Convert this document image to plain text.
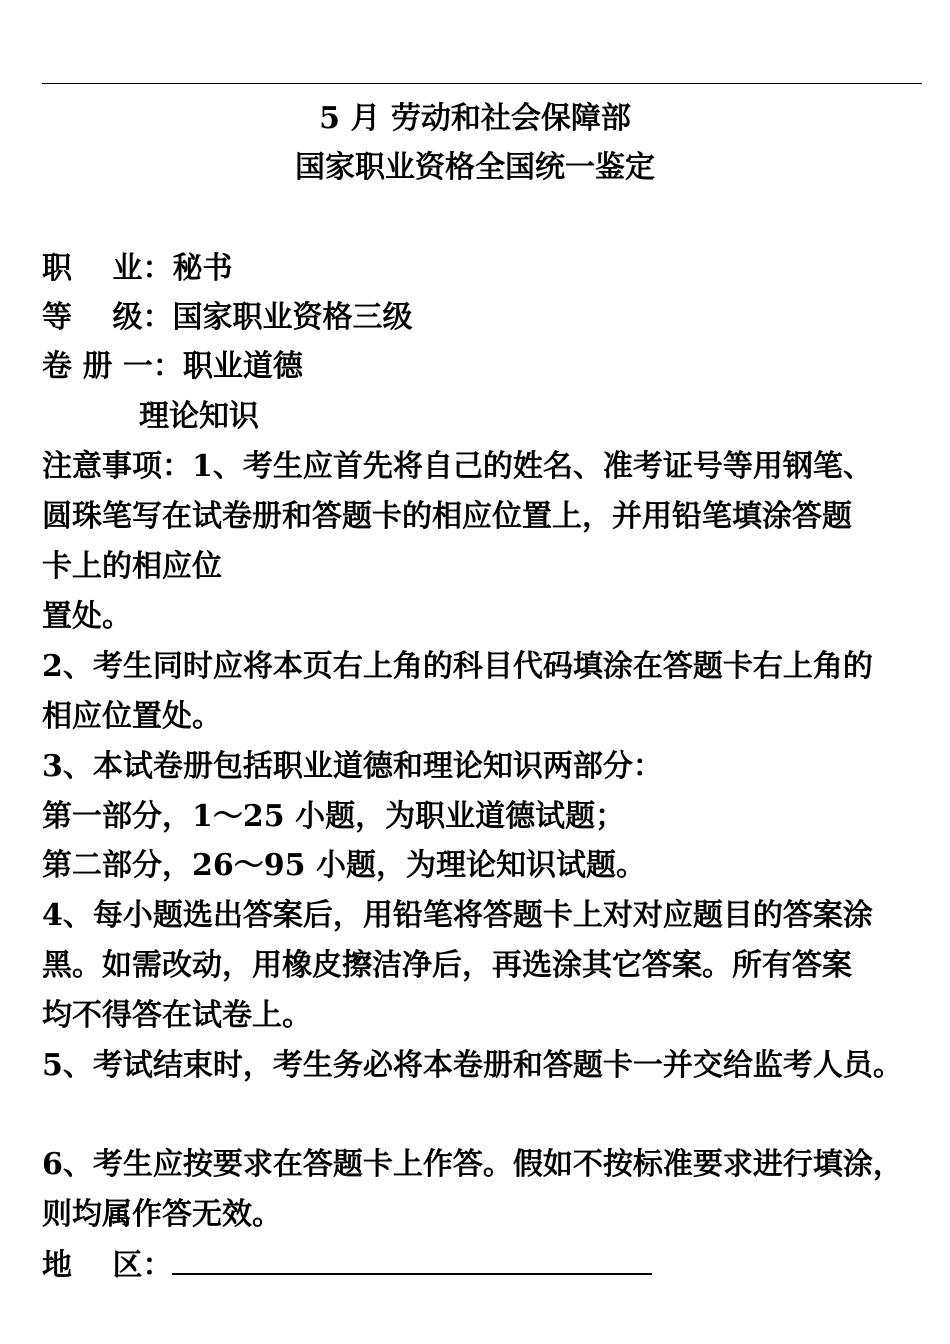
5 月 劳动和社会保障部
国家职业资格全国统一鉴定
职　 业：秘书
等　 级：国家职业资格三级
卷 册 一：职业道德
理论知识
注意事项：1、考生应首先将自己的姓名、准考证号等用钢笔、
圆珠笔写在试卷册和答题卡的相应位置上，并用铅笔填涂答题
卡上的相应位
置处。
2、考生同时应将本页右上角的科目代码填涂在答题卡右上角的
相应位置处。
3、本试卷册包括职业道德和理论知识两部分：
第一部分，1～25 小题，为职业道德试题；
第二部分，26～95 小题，为理论知识试题。
4、每小题选出答案后，用铅笔将答题卡上对对应题目的答案涂
黑。如需改动，用橡皮擦洁净后，再选涂其它答案。所有答案
均不得答在试卷上。
5、考试结束时，考生务必将本卷册和答题卡一并交给监考人员。
6、考生应按要求在答题卡上作答。假如不按标准要求进行填涂，
则均属作答无效。
地　 区：
